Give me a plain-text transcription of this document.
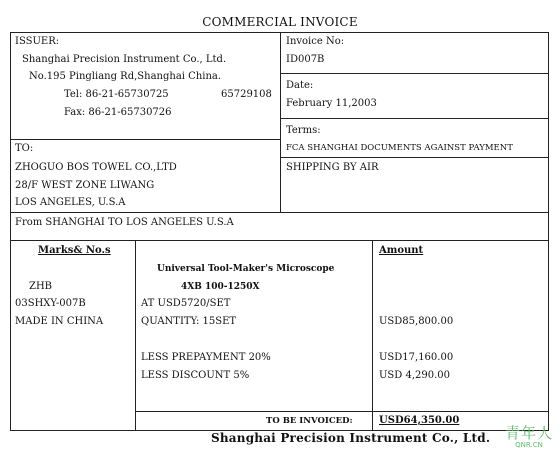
COMMERCIAL INVOICE
ISSUER:
Shanghai Precision Instrument Co., Ltd.
No.195 Pingliang Rd,Shanghai China.
Tel: 86-21-65730725	65729108
Fax: 86-21-65730726
Invoice No:
ID007B
Date:
February 11,2003
Terms:
FCA SHANGHAI DOCUMENTS AGAINST PAYMENT
SHIPPING BY AIR
TO:
ZHOGUO BOS TOWEL CO.,LTD
28/F WEST ZONE LIWANG
LOS ANGELES, U.S.A
From SHANGHAI TO LOS ANGELES U.S.A
Marks& No.s
ZHB
03SHXY-007B
MADE IN CHINA
Universal Tool-Maker's Microscope
4XB 100-1250X
AT USD5720/SET
QUANTITY: 15SET
LESS PREPAYMENT 20%
LESS DISCOUNT 5%
TO BE INVOICED:
Amount
USD85,800.00
USD17,160.00
USD 4,290.00
USD64,350.00
Shanghai Precision Instrument Co., Ltd. 青年人
QNR.CN
